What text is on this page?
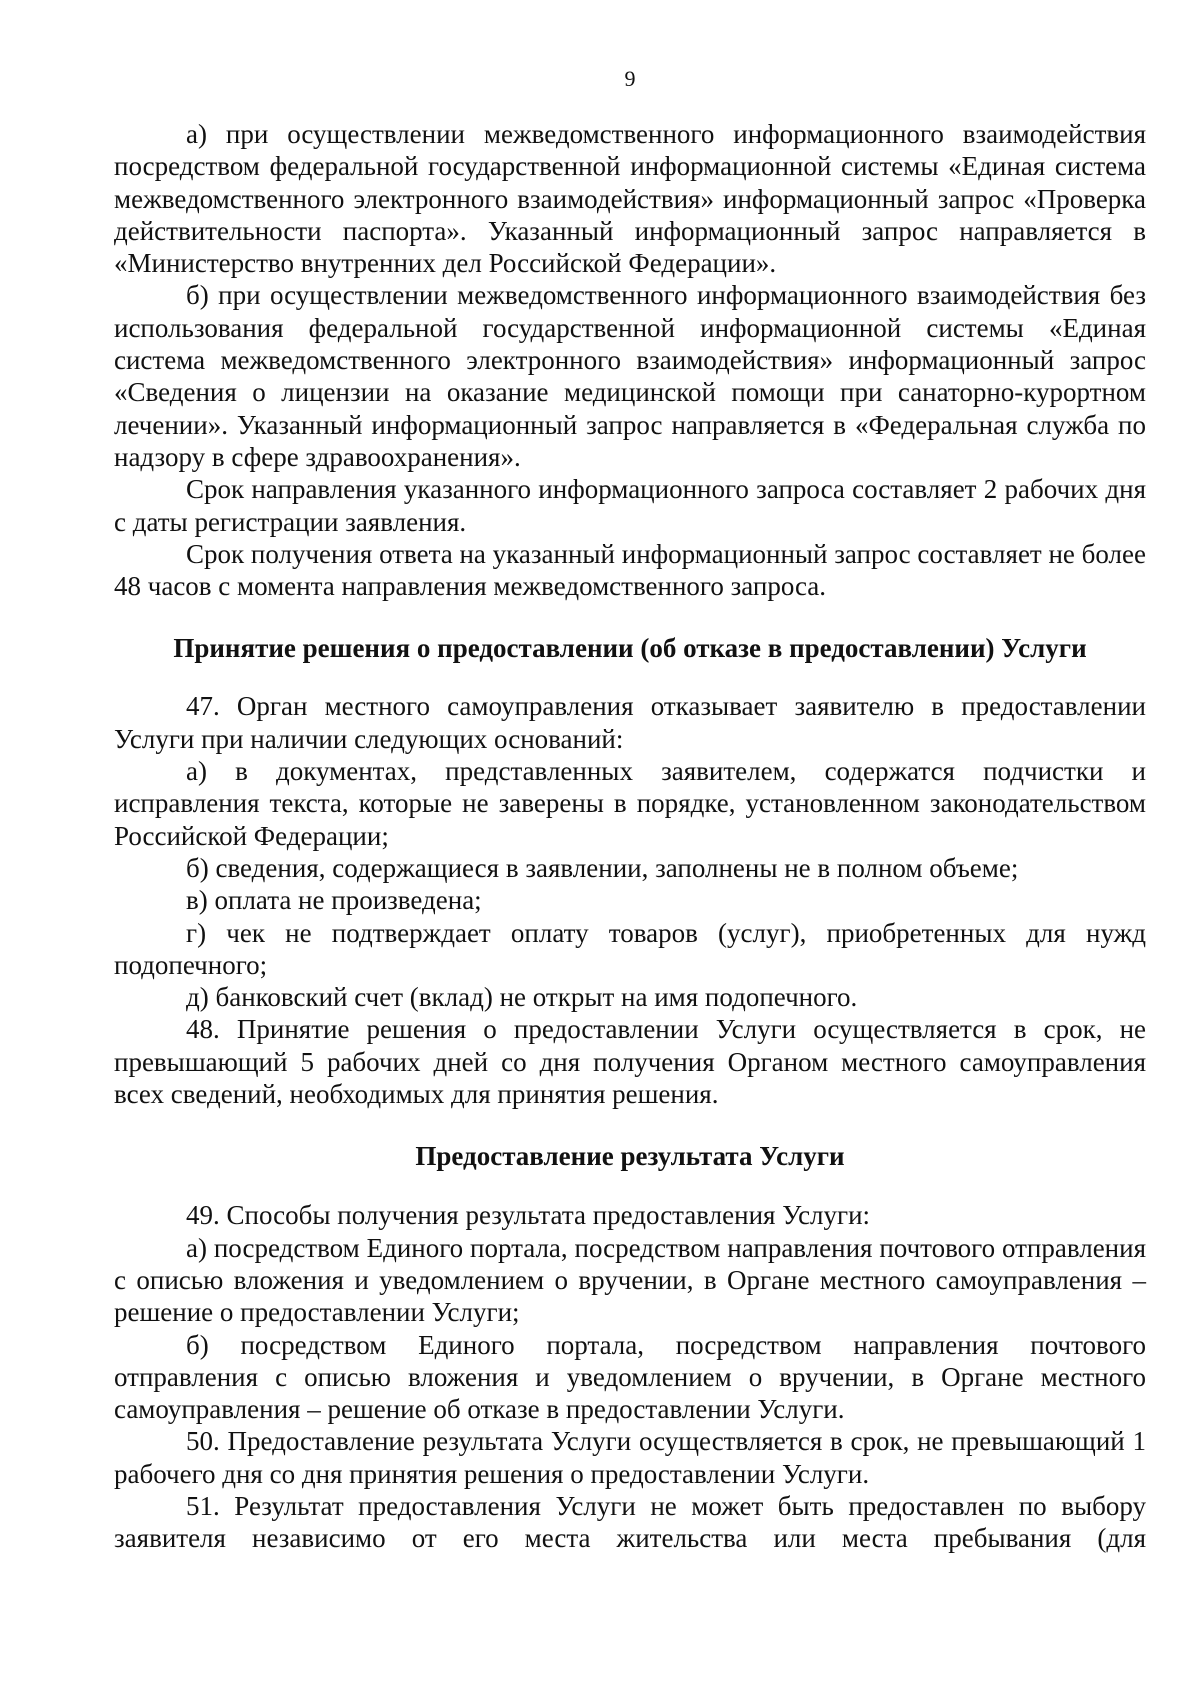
9

а) при осуществлении межведомственного информационного взаимодействия посредством федеральной государственной информационной системы «Единая система межведомственного электронного взаимодействия» информационный запрос «Проверка действительности паспорта». Указанный информационный запрос направляется в «Министерство внутренних дел Российской Федерации».

б) при осуществлении межведомственного информационного взаимодействия без использования федеральной государственной информационной системы «Единая система межведомственного электронного взаимодействия» информационный запрос «Сведения о лицензии на оказание медицинской помощи при санаторно-курортном лечении». Указанный информационный запрос направляется в «Федеральная служба по надзору в сфере здравоохранения».

Срок направления указанного информационного запроса составляет 2 рабочих дня с даты регистрации заявления.

Срок получения ответа на указанный информационный запрос составляет не более 48 часов с момента направления межведомственного запроса.

Принятие решения о предоставлении (об отказе в предоставлении) Услуги

47. Орган местного самоуправления отказывает заявителю в предоставлении Услуги при наличии следующих оснований:

а) в документах, представленных заявителем, содержатся подчистки и исправления текста, которые не заверены в порядке, установленном законодательством Российской Федерации;

б) сведения, содержащиеся в заявлении, заполнены не в полном объеме;

в) оплата не произведена;

г) чек не подтверждает оплату товаров (услуг), приобретенных для нужд подопечного;

д) банковский счет (вклад) не открыт на имя подопечного.

48. Принятие решения о предоставлении Услуги осуществляется в срок, не превышающий 5 рабочих дней со дня получения Органом местного самоуправления всех сведений, необходимых для принятия решения.

Предоставление результата Услуги

49. Способы получения результата предоставления Услуги:

а) посредством Единого портала, посредством направления почтового отправления с описью вложения и уведомлением о вручении, в Органе местного самоуправления – решение о предоставлении Услуги;

б) посредством Единого портала, посредством направления почтового отправления с описью вложения и уведомлением о вручении, в Органе местного самоуправления – решение об отказе в предоставлении Услуги.

50. Предоставление результата Услуги осуществляется в срок, не превышающий 1 рабочего дня со дня принятия решения о предоставлении Услуги.

51. Результат предоставления Услуги не может быть предоставлен по выбору заявителя независимо от его места жительства или места пребывания (для
